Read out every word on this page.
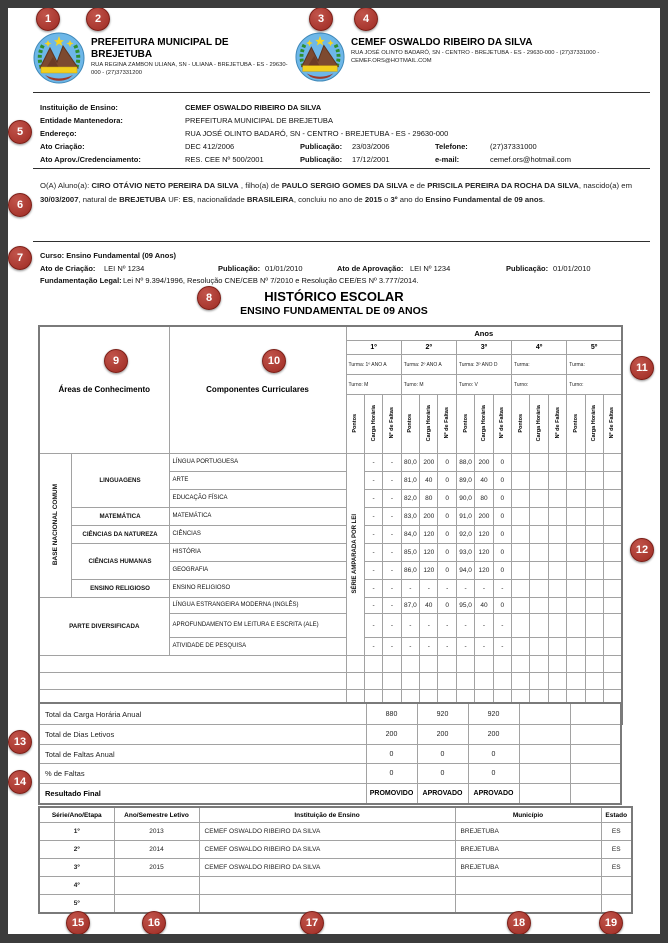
PREFEITURA MUNICIPAL DE BREJETUBA
RUA REGINA ZAMBON ULIANA, SN - ULIANA - BREJETUBA - ES - 29630-000 - (27)37331200
CEMEF OSWALDO RIBEIRO DA SILVA
RUA JOSÉ OLINTO BADARÓ, SN - CENTRO - BREJETUBA - ES - 29630-000 - (27)37331000 - CEMEF.ORS@HOTMAIL.COM
Instituição de Ensino:	CEMEF OSWALDO RIBEIRO DA SILVA
Entidade Mantenedora:	PREFEITURA MUNICIPAL DE BREJETUBA
Endereço:	RUA JOSÉ OLINTO BADARÓ, SN - CENTRO - BREJETUBA - ES - 29630-000
Ato Criação:	DEC 412/2006	Publicação: 23/03/2006	Telefone:	(27)37331000
Ato Aprov./Credenciamento:	RES. CEE Nº 500/2001	Publicação: 17/12/2001	e-mail:	cemef.ors@hotmail.com
O(A) Aluno(a): CIRO OTÁVIO NETO PEREIRA DA SILVA , filho(a) de PAULO SERGIO GOMES DA SILVA e de PRISCILA PEREIRA DA ROCHA DA SILVA, nascido(a) em 30/03/2007, natural de BREJETUBA UF: ES, nacionalidade BRASILEIRA, concluiu no ano de 2015 o 3º ano do Ensino Fundamental de 09 anos.
Curso: Ensino Fundamental (09 Anos)
Ato de Criação: LEI Nº 1234	Publicação: 01/01/2010	Ato de Aprovação: LEI Nº 1234	Publicação: 01/01/2010
Fundamentação Legal:Lei Nº 9.394/1996, Resolução CNE/CEB Nº 7/2010 e Resolução CEE/ES Nº 3.777/2014.
HISTÓRICO ESCOLAR
ENSINO FUNDAMENTAL DE 09 ANOS
Áreas de Conhecimento		Componentes Curriculares	Anos														
			1º			2º			3º			4º			5º		
			Turma: 1º ANO A			Turma: 2º ANO A			Turma: 3º ANO D			Turma:			Turma:		
			Turno: M			Turno: M			Turno: V			Turno:			Turno:		
			Pontos	Carga Horária	Nº de Faltas	Pontos	Carga Horária	Nº de Faltas	Pontos	Carga Horária	Nº de Faltas	Pontos	Carga Horária	Nº de Faltas	Pontos	Carga Horária	Nº de Faltas
BASE NACIONAL COMUM	LINGUAGENS	LÍNGUA PORTUGUESA	SÉRIE AMPARADA POR LEI	-	-	80,0	200	0	88,0	200	0						
		ARTE		-	-	81,0	40	0	89,0	40	0						
		EDUCAÇÃO FÍSICA		-	-	82,0	80	0	90,0	80	0						
	MATEMÁTICA	MATEMÁTICA		-	-	83,0	200	0	91,0	200	0						
	CIÊNCIAS DA NATUREZA	CIÊNCIAS		-	-	84,0	120	0	92,0	120	0						
	CIÊNCIAS HUMANAS	HISTÓRIA		-	-	85,0	120	0	93,0	120	0						
		GEOGRAFIA		-	-	86,0	120	0	94,0	120	0						
	ENSINO RELIGIOSO	ENSINO RELIGIOSO		-	-	-	-	-	-	-	-						
PARTE DIVERSIFICADA		LÍNGUA ESTRANGEIRA MODERNA (INGLÊS)		-	-	87,0	40	0	95,0	40	0						
		APROFUNDAMENTO EM LEITURA E ESCRITA (ALE)		-	-	-	-	-	-	-	-						
		ATIVIDADE DE PESQUISA		-	-	-	-	-	-	-	-						

Total da Carga Horária Anual	880	920	920		
Total de Dias Letivos	200	200	200		
Total de Faltas Anual	0	0	0		
% de Faltas	0	0	0		
Resultado Final	PROMOVIDO	APROVADO	APROVADO		
Série/Ano/Etapa	Ano/Semestre Letivo	Instituição de Ensino	Município	Estado
1º	2013	CEMEF OSWALDO RIBEIRO DA SILVA	BREJETUBA	ES
2º	2014	CEMEF OSWALDO RIBEIRO DA SILVA	BREJETUBA	ES
3º	2015	CEMEF OSWALDO RIBEIRO DA SILVA	BREJETUBA	ES
4º				
5º				
1	2	3	4
5
6
7
8
9	10
11
12
13
14
15	16	17	18	19
